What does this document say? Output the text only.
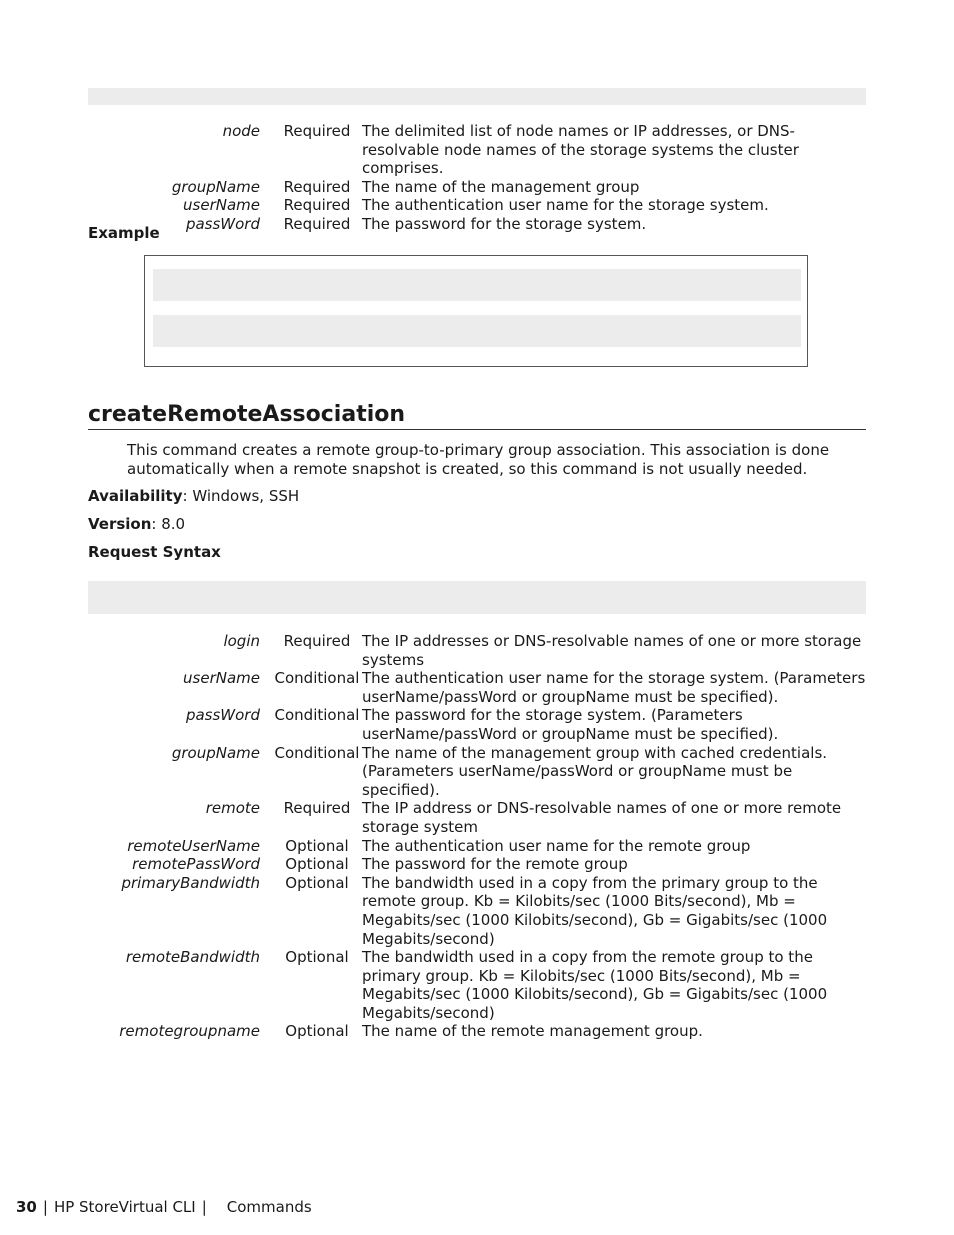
node	Required The delimited list of node names or IP addresses, or DNS-resolvable node names of the storage systems the cluster comprises.
groupName	Required The name of the management group
userName	Required The authentication user name for the storage system.
passWord	Required The password for the storage system.
Example
createRemoteAssociation
This command creates a remote group-to-primary group association. This association is done automatically when a remote snapshot is created, so this command is not usually needed.
Availability: Windows, SSH
Version: 8.0
Request Syntax
login	Required The IP addresses or DNS-resolvable names of one or more storage systems
userName Conditional The authentication user name for the storage system. (Parameters userName/passWord or groupName must be specified).
passWord Conditional The password for the storage system. (Parameters userName/passWord or groupName must be specified).
groupName Conditional The name of the management group with cached credentials. (Parameters userName/passWord or groupName must be specified).
remote	Required The IP address or DNS-resolvable names of one or more remote storage system
remoteUserName	Optional The authentication user name for the remote group
remotePassWord	Optional The password for the remote group
primaryBandwidth	Optional The bandwidth used in a copy from the primary group to the remote group. Kb = Kilobits/sec (1000 Bits/second), Mb = Megabits/sec (1000 Kilobits/second), Gb = Gigabits/sec (1000 Megabits/second)
remoteBandwidth	Optional The bandwidth used in a copy from the remote group to the primary group. Kb = Kilobits/sec (1000 Bits/second), Mb = Megabits/sec (1000 Kilobits/second), Gb = Gigabits/sec (1000 Megabits/second)
remotegroupname	Optional The name of the remote management group.
30 | HP StoreVirtual CLI | Commands
